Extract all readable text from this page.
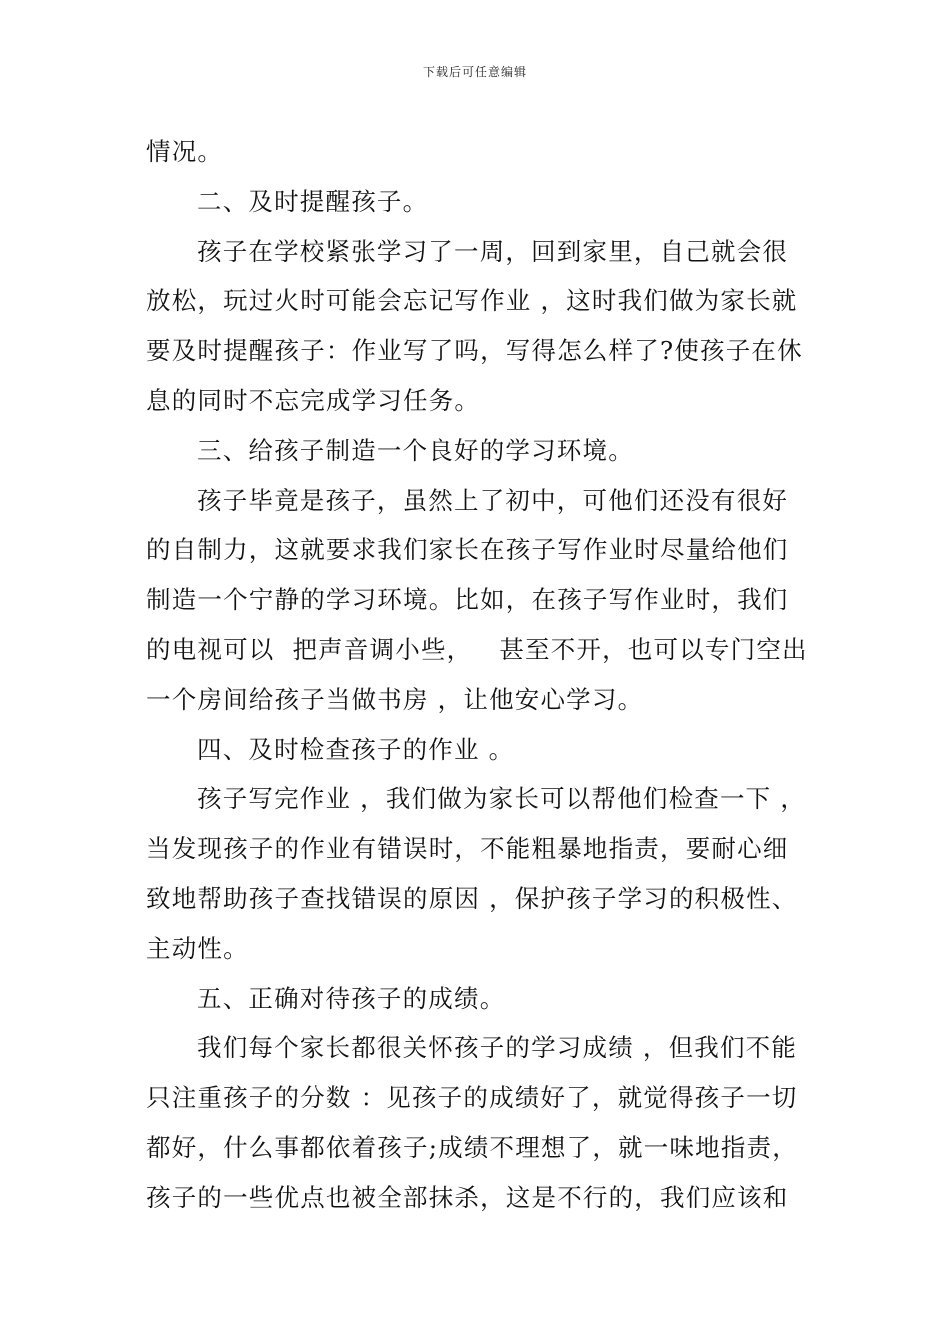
下载后可任意编辑
情况。
二、及时提醒孩子。
孩子在学校紧张学习了一周，回到家里，自己就会很
放松，玩过火时可能会忘记写作业 ，这时我们做为家长就
要及时提醒孩子：作业写了吗，写得怎么样了?使孩子在休
息的同时不忘完成学习任务。
三、给孩子制造一个良好的学习环境。
孩子毕竟是孩子，虽然上了初中，可他们还没有很好
的自制力，这就要求我们家长在孩子写作业时尽量给他们
制造一个宁静的学习环境。比如，在孩子写作业时，我们
的电视可以  把声音调小些，   甚至不开，也可以专门空出
一个房间给孩子当做书房 ，让他安心学习。
四、及时检查孩子的作业 。
孩子写完作业 ，我们做为家长可以帮他们检查一下 ，
当发现孩子的作业有错误时，不能粗暴地指责，要耐心细
致地帮助孩子查找错误的原因 ，保护孩子学习的积极性、
主动性。
五、正确对待孩子的成绩。
我们每个家长都很关怀孩子的学习成绩 ，但我们不能
只注重孩子的分数 ：见孩子的成绩好了，就觉得孩子一切
都好，什么事都依着孩子;成绩不理想了，就一味地指责，
孩子的一些优点也被全部抹杀，这是不行的，我们应该和
